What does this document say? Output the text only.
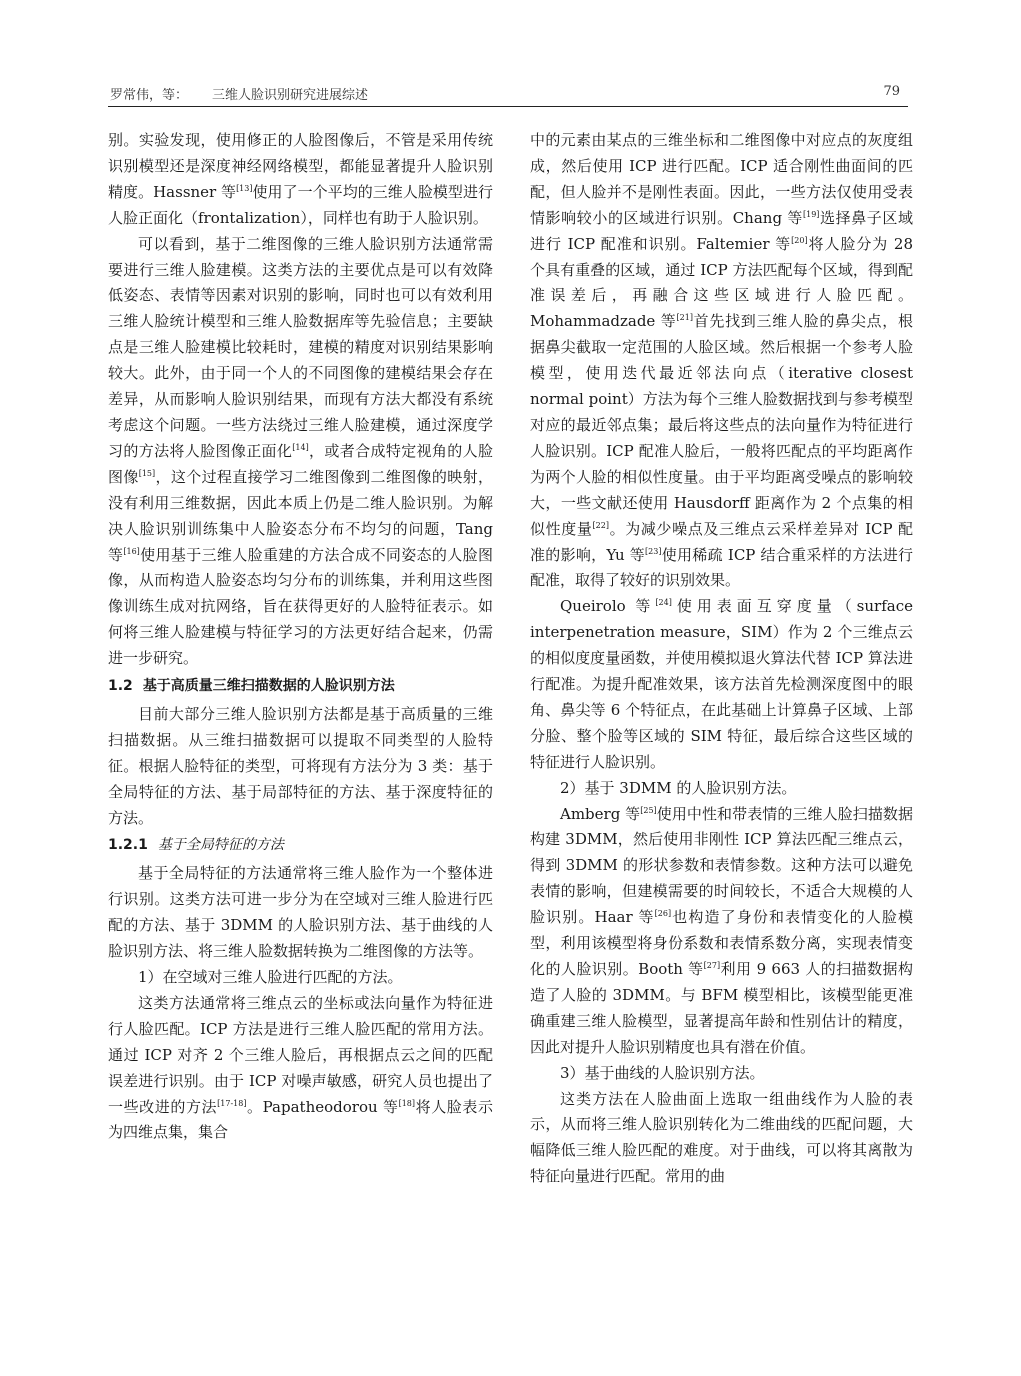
罗常伟，等： 三维人脸识别研究进展综述	79

别。实验发现，使用修正的人脸图像后，不管是采用传统识别模型还是深度神经网络模型，都能显著提升人脸识别精度。Hassner 等[13]使用了一个平均的三维人脸模型进行人脸正面化（frontalization），同样也有助于人脸识别。

可以看到，基于二维图像的三维人脸识别方法通常需要进行三维人脸建模。这类方法的主要优点是可以有效降低姿态、表情等因素对识别的影响，同时也可以有效利用三维人脸统计模型和三维人脸数据库等先验信息；主要缺点是三维人脸建模比较耗时，建模的精度对识别结果影响较大。此外，由于同一个人的不同图像的建模结果会存在差异，从而影响人脸识别结果，而现有方法大都没有系统考虑这个问题。一些方法绕过三维人脸建模，通过深度学习的方法将人脸图像正面化[14]，或者合成特定视角的人脸图像[15]，这个过程直接学习二维图像到二维图像的映射，没有利用三维数据，因此本质上仍是二维人脸识别。为解决人脸识别训练集中人脸姿态分布不均匀的问题，Tang 等[16]使用基于三维人脸重建的方法合成不同姿态的人脸图像，从而构造人脸姿态均匀分布的训练集，并利用这些图像训练生成对抗网络，旨在获得更好的人脸特征表示。如何将三维人脸建模与特征学习的方法更好结合起来，仍需进一步研究。

1.2 基于高质量三维扫描数据的人脸识别方法

目前大部分三维人脸识别方法都是基于高质量的三维扫描数据。从三维扫描数据可以提取不同类型的人脸特征。根据人脸特征的类型，可将现有方法分为 3 类：基于全局特征的方法、基于局部特征的方法、基于深度特征的方法。

1.2.1 基于全局特征的方法

基于全局特征的方法通常将三维人脸作为一个整体进行识别。这类方法可进一步分为在空域对三维人脸进行匹配的方法、基于 3DMM 的人脸识别方法、基于曲线的人脸识别方法、将三维人脸数据转换为二维图像的方法等。

1）在空域对三维人脸进行匹配的方法。

这类方法通常将三维点云的坐标或法向量作为特征进行人脸匹配。ICP 方法是进行三维人脸匹配的常用方法。通过 ICP 对齐 2 个三维人脸后，再根据点云之间的匹配误差进行识别。由于 ICP 对噪声敏感，研究人员也提出了一些改进的方法[17-18]。Papatheodorou 等[18]将人脸表示为四维点集，集合

中的元素由某点的三维坐标和二维图像中对应点的灰度组成，然后使用 ICP 进行匹配。ICP 适合刚性曲面间的匹配，但人脸并不是刚性表面。因此，一些方法仅使用受表情影响较小的区域进行识别。Chang 等[19]选择鼻子区域进行 ICP 配准和识别。Faltemier 等[20]将人脸分为 28 个具有重叠的区域，通过 ICP 方法匹配每个区域，得到配准误差后，再融合这些区域进行人脸匹配。Mohammadzade 等[21]首先找到三维人脸的鼻尖点，根据鼻尖截取一定范围的人脸区域。然后根据一个参考人脸模型，使用迭代最近邻法向点（iterative closest normal point）方法为每个三维人脸数据找到与参考模型对应的最近邻点集；最后将这些点的法向量作为特征进行人脸识别。ICP 配准人脸后，一般将匹配点的平均距离作为两个人脸的相似性度量。由于平均距离受噪点的影响较大，一些文献还使用 Hausdorff 距离作为 2 个点集的相似性度量[22]。为减少噪点及三维点云采样差异对 ICP 配准的影响，Yu 等[23]使用稀疏 ICP 结合重采样的方法进行配准，取得了较好的识别效果。

Queirolo 等[24]使用表面互穿度量（surface interpenetration measure，SIM）作为 2 个三维点云的相似度度量函数，并使用模拟退火算法代替 ICP 算法进行配准。为提升配准效果，该方法首先检测深度图中的眼角、鼻尖等 6 个特征点，在此基础上计算鼻子区域、上部分脸、整个脸等区域的 SIM 特征，最后综合这些区域的特征进行人脸识别。

2）基于 3DMM 的人脸识别方法。

Amberg 等[25]使用中性和带表情的三维人脸扫描数据构建 3DMM，然后使用非刚性 ICP 算法匹配三维点云，得到 3DMM 的形状参数和表情参数。这种方法可以避免表情的影响，但建模需要的时间较长，不适合大规模的人脸识别。Haar 等[26]也构造了身份和表情变化的人脸模型，利用该模型将身份系数和表情系数分离，实现表情变化的人脸识别。Booth 等[27]利用 9 663 人的扫描数据构造了人脸的 3DMM。与 BFM 模型相比，该模型能更准确重建三维人脸模型，显著提高年龄和性别估计的精度，因此对提升人脸识别精度也具有潜在价值。

3）基于曲线的人脸识别方法。

这类方法在人脸曲面上选取一组曲线作为人脸的表示，从而将三维人脸识别转化为二维曲线的匹配问题，大幅降低三维人脸匹配的难度。对于曲线，可以将其离散为特征向量进行匹配。常用的曲
